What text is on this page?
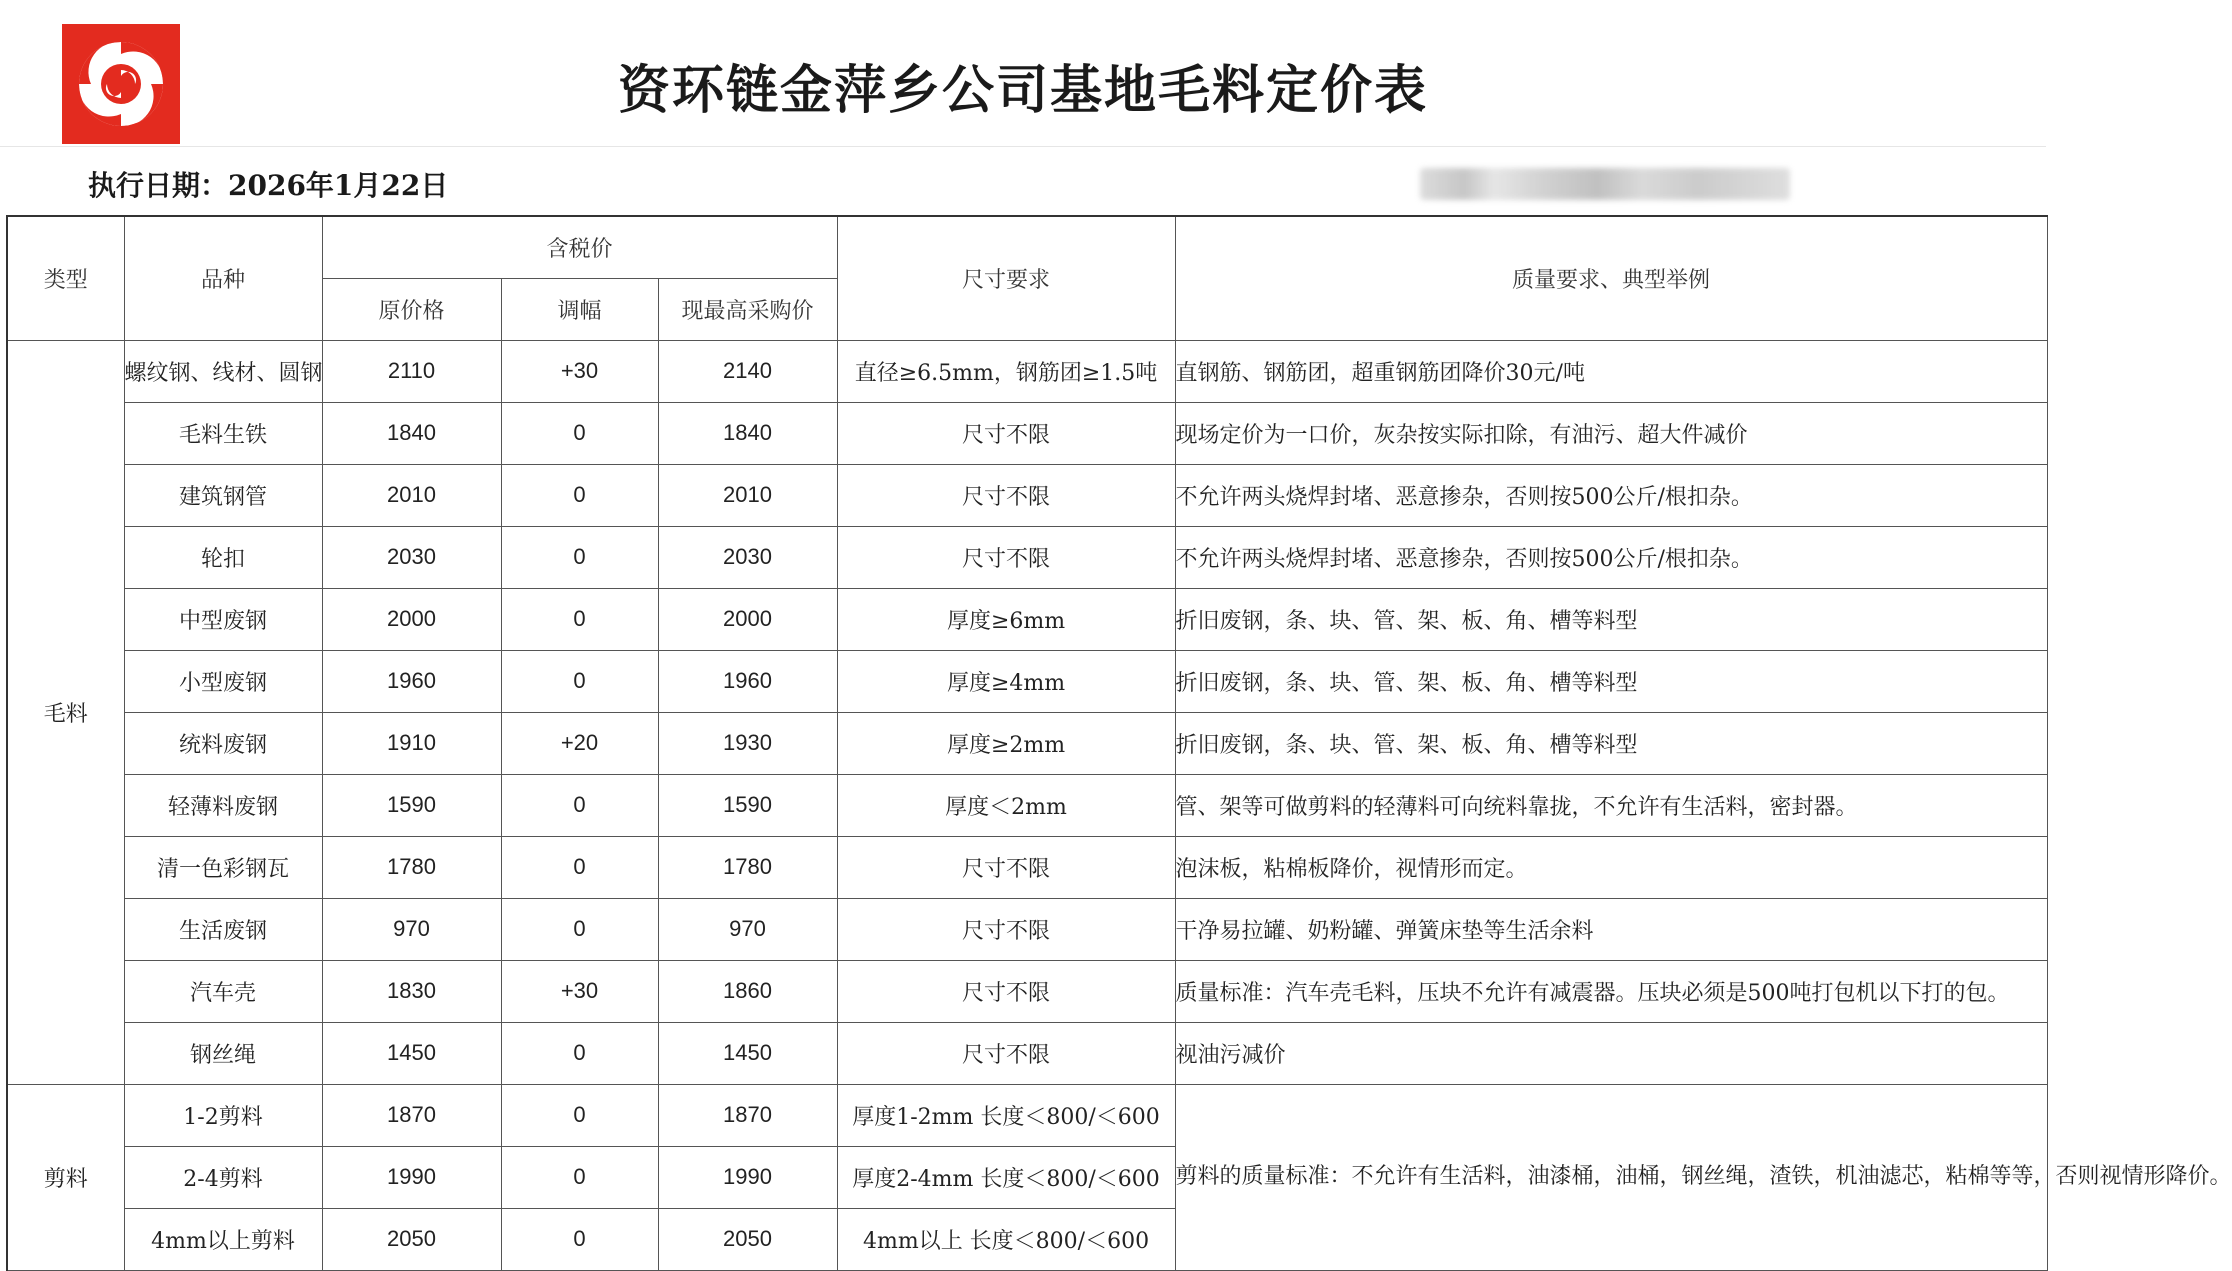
资环链金萍乡公司基地毛料定价表
执行日期：2026年1月22日
类型	品种	含税价			尺寸要求	质量要求、典型举例
		原价格	调幅	现最高采购价		
毛料	螺纹钢、线材、圆钢	2110	+30	2140	直径≥6.5mm，钢筋团≥1.5吨	直钢筋、钢筋团，超重钢筋团降价30元/吨
	毛料生铁	1840	0	1840	尺寸不限	现场定价为一口价，灰杂按实际扣除，有油污、超大件减价
	建筑钢管	2010	0	2010	尺寸不限	不允许两头烧焊封堵、恶意掺杂，否则按500公斤/根扣杂。
	轮扣	2030	0	2030	尺寸不限	不允许两头烧焊封堵、恶意掺杂，否则按500公斤/根扣杂。
	中型废钢	2000	0	2000	厚度≥6mm	折旧废钢，条、块、管、架、板、角、槽等料型
	小型废钢	1960	0	1960	厚度≥4mm	折旧废钢，条、块、管、架、板、角、槽等料型
	统料废钢	1910	+20	1930	厚度≥2mm	折旧废钢，条、块、管、架、板、角、槽等料型
	轻薄料废钢	1590	0	1590	厚度＜2mm	管、架等可做剪料的轻薄料可向统料靠拢，不允许有生活料，密封器。
	清一色彩钢瓦	1780	0	1780	尺寸不限	泡沫板，粘棉板降价，视情形而定。
	生活废钢	970	0	970	尺寸不限	干净易拉罐、奶粉罐、弹簧床垫等生活余料
	汽车壳	1830	+30	1860	尺寸不限	质量标准：汽车壳毛料，压块不允许有减震器。压块必须是500吨打包机以下打的包。
	钢丝绳	1450	0	1450	尺寸不限	视油污减价
剪料	1-2剪料	1870	0	1870	厚度1-2mm 长度＜800/＜600	剪料的质量标准：不允许有生活料，油漆桶，油桶，钢丝绳，渣铁，机油滤芯，粘棉等等，否则视情形降价。
	2-4剪料	1990	0	1990	厚度2-4mm 长度＜800/＜600	
	4mm以上剪料	2050	0	2050	4mm以上 长度＜800/＜600	
